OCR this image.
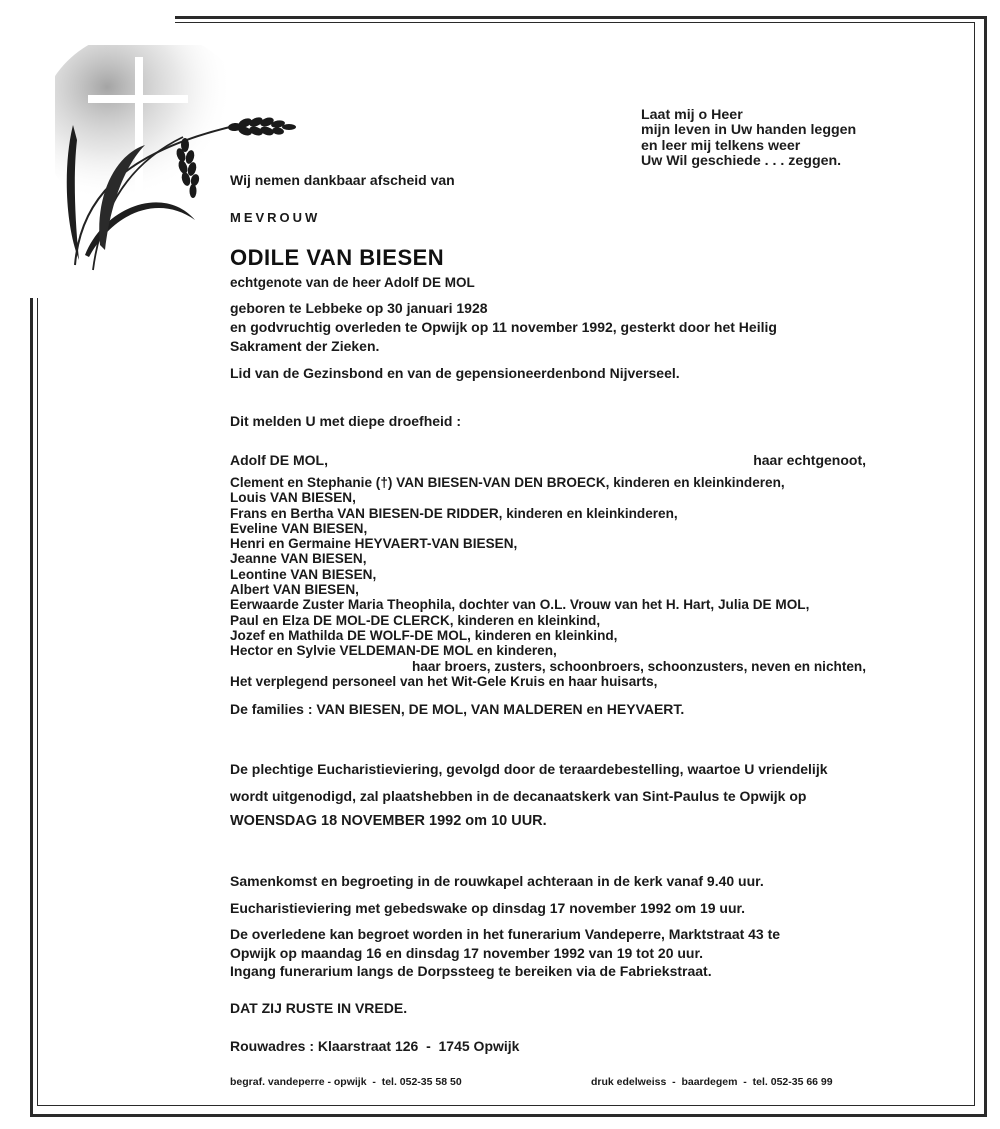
Laat mij o Heer
mijn leven in Uw handen leggen
en leer mij telkens weer
Uw Wil geschiede . . . zeggen.
Wij nemen dankbaar afscheid van
MEVROUW
ODILE VAN BIESEN
echtgenote van de heer Adolf DE MOL
geboren te Lebbeke op 30 januari 1928
en godvruchtig overleden te Opwijk op 11 november 1992, gesterkt door het Heilig
Sakrament der Zieken.
Lid van de Gezinsbond en van de gepensioneerdenbond Nijverseel.
Dit melden U met diepe droefheid :
Adolf DE MOL,	haar echtgenoot,
Clement en Stephanie (†) VAN BIESEN-VAN DEN BROECK, kinderen en kleinkinderen,
Louis VAN BIESEN,
Frans en Bertha VAN BIESEN-DE RIDDER, kinderen en kleinkinderen,
Eveline VAN BIESEN,
Henri en Germaine HEYVAERT-VAN BIESEN,
Jeanne VAN BIESEN,
Leontine VAN BIESEN,
Albert VAN BIESEN,
Eerwaarde Zuster Maria Theophila, dochter van O.L. Vrouw van het H. Hart, Julia DE MOL,
Paul en Elza DE MOL-DE CLERCK, kinderen en kleinkind,
Jozef en Mathilda DE WOLF-DE MOL, kinderen en kleinkind,
Hector en Sylvie VELDEMAN-DE MOL en kinderen,
haar broers, zusters, schoonbroers, schoonzusters, neven en nichten,
Het verplegend personeel van het Wit-Gele Kruis en haar huisarts,
De families : VAN BIESEN, DE MOL, VAN MALDEREN en HEYVAERT.
De plechtige Eucharistieviering, gevolgd door de teraardebestelling, waartoe U vriendelijk
wordt uitgenodigd, zal plaatshebben in de decanaatskerk van Sint-Paulus te Opwijk op
WOENSDAG 18 NOVEMBER 1992 om 10 UUR.
Samenkomst en begroeting in de rouwkapel achteraan in de kerk vanaf 9.40 uur.
Eucharistieviering met gebedswake op dinsdag 17 november 1992 om 19 uur.
De overledene kan begroet worden in het funerarium Vandeperre, Marktstraat 43 te
Opwijk op maandag 16 en dinsdag 17 november 1992 van 19 tot 20 uur.
Ingang funerarium langs de Dorpssteeg te bereiken via de Fabriekstraat.
DAT ZIJ RUSTE IN VREDE.
Rouwadres : Klaarstraat 126  -  1745 Opwijk
begraf. vandeperre - opwijk  -  tel. 052-35 58 50	druk edelweiss  -  baardegem  -  tel. 052-35 66 99
